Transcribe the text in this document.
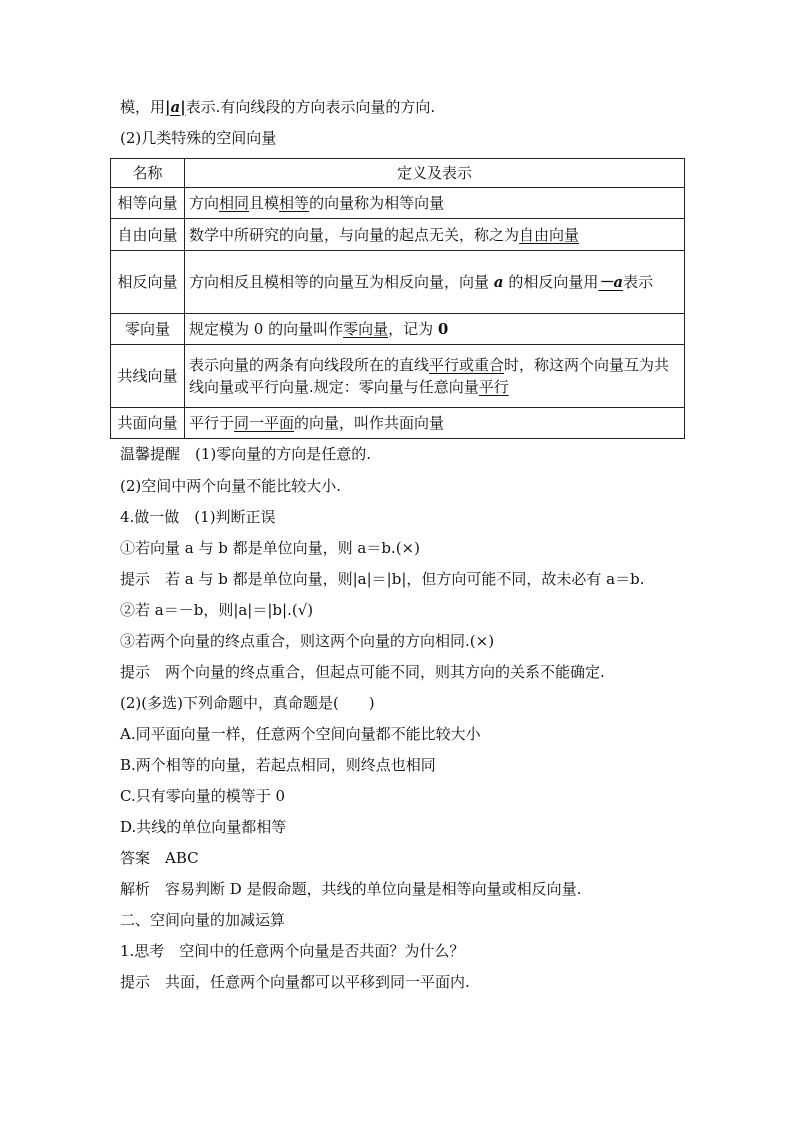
模，用|a|表示.有向线段的方向表示向量的方向.
(2)几类特殊的空间向量
名称	定义及表示
相等向量	方向相同且模相等的向量称为相等向量
自由向量	数学中所研究的向量，与向量的起点无关，称之为自由向量
相反向量	方向相反且模相等的向量互为相反向量，向量 a 的相反向量用－a表示
零向量	规定模为 0 的向量叫作零向量，记为 0
共线向量	表示向量的两条有向线段所在的直线平行或重合时，称这两个向量互为共线向量或平行向量.规定：零向量与任意向量平行
共面向量	平行于同一平面的向量，叫作共面向量
温馨提醒　(1)零向量的方向是任意的.
(2)空间中两个向量不能比较大小.
4.做一做　(1)判断正误
①若向量 a 与 b 都是单位向量，则 a＝b.(×)
提示　若 a 与 b 都是单位向量，则|a|＝|b|，但方向可能不同，故未必有 a＝b.
②若 a＝－b，则|a|＝|b|.(√)
③若两个向量的终点重合，则这两个向量的方向相同.(×)
提示　两个向量的终点重合，但起点可能不同，则其方向的关系不能确定.
(2)(多选)下列命题中，真命题是(　　)
A.同平面向量一样，任意两个空间向量都不能比较大小
B.两个相等的向量，若起点相同，则终点也相同
C.只有零向量的模等于 0
D.共线的单位向量都相等
答案　ABC
解析　容易判断 D 是假命题，共线的单位向量是相等向量或相反向量.
二、空间向量的加减运算
1.思考　空间中的任意两个向量是否共面？为什么？
提示　共面，任意两个向量都可以平移到同一平面内.
